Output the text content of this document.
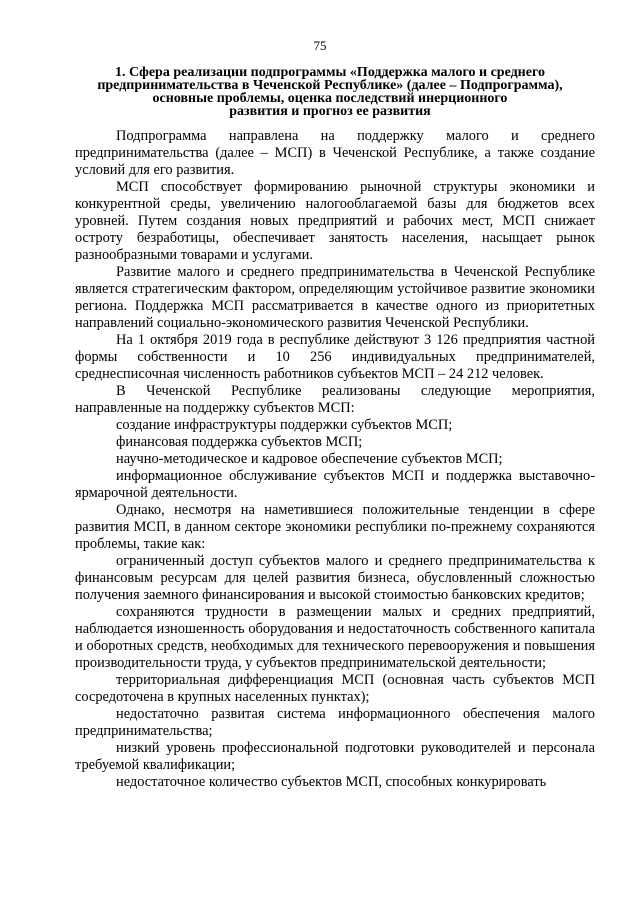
75
1. Сфера реализации подпрограммы «Поддержка малого и среднего
предпринимательства в Чеченской Республике» (далее – Подпрограмма),
основные проблемы, оценка последствий инерционного
развития и прогноз ее развития

Подпрограмма направлена на поддержку малого и среднего предпринимательства (далее – МСП) в Чеченской Республике, а также создание условий для его развития.

МСП способствует формированию рыночной структуры экономики и конкурентной среды, увеличению налогооблагаемой базы для бюджетов всех уровней. Путем создания новых предприятий и рабочих мест, МСП снижает остроту безработицы, обеспечивает занятость населения, насыщает рынок разнообразными товарами и услугами.

Развитие малого и среднего предпринимательства в Чеченской Республике является стратегическим фактором, определяющим устойчивое развитие экономики региона. Поддержка МСП рассматривается в качестве одного из приоритетных направлений социально-экономического развития Чеченской Республики.

На 1 октября 2019 года в республике действуют 3 126 предприятия частной формы собственности и 10 256 индивидуальных предпринимателей, среднесписочная численность работников субъектов МСП – 24 212 человек.

В Чеченской Республике реализованы следующие мероприятия, направленные на поддержку субъектов МСП:

создание инфраструктуры поддержки субъектов МСП;

финансовая поддержка субъектов МСП;

научно-методическое и кадровое обеспечение субъектов МСП;

информационное обслуживание субъектов МСП и поддержка выставочно-ярмарочной деятельности.

Однако, несмотря на наметившиеся положительные тенденции в сфере развития МСП, в данном секторе экономики республики по-прежнему сохраняются проблемы, такие как:

ограниченный доступ субъектов малого и среднего предпринимательства к финансовым ресурсам для целей развития бизнеса, обусловленный сложностью получения заемного финансирования и высокой стоимостью банковских кредитов;

сохраняются трудности в размещении малых и средних предприятий, наблюдается изношенность оборудования и недостаточность собственного капитала и оборотных средств, необходимых для технического перевооружения и повышения производительности труда, у субъектов предпринимательской деятельности;

территориальная дифференциация МСП (основная часть субъектов МСП сосредоточена в крупных населенных пунктах);

недостаточно развитая система информационного обеспечения малого предпринимательства;

низкий уровень профессиональной подготовки руководителей и персонала требуемой квалификации;

недостаточное количество субъектов МСП, способных конкурировать
